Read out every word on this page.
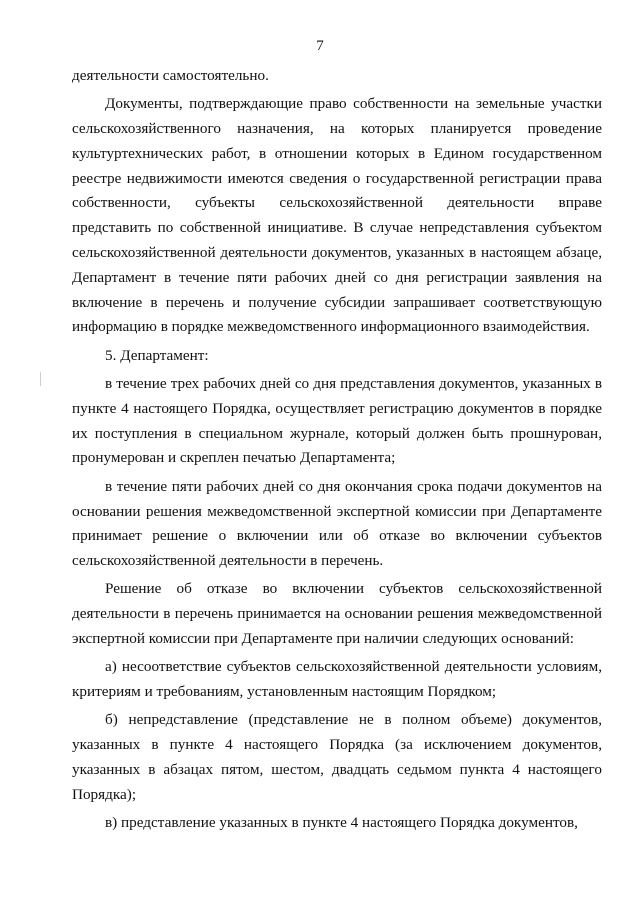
7

деятельности самостоятельно.

Документы, подтверждающие право собственности на земельные участки сельскохозяйственного назначения, на которых планируется проведение культуртехнических работ, в отношении которых в Едином государственном реестре недвижимости имеются сведения о государственной регистрации права собственности, субъекты сельскохозяйственной деятельности вправе представить по собственной инициативе. В случае непредставления субъектом сельскохозяйственной деятельности документов, указанных в настоящем абзаце, Департамент в течение пяти рабочих дней со дня регистрации заявления на включение в перечень и получение субсидии запрашивает соответствующую информацию в порядке межведомственного информационного взаимодействия.

5. Департамент:

в течение трех рабочих дней со дня представления документов, указанных в пункте 4 настоящего Порядка, осуществляет регистрацию документов в порядке их поступления в специальном журнале, который должен быть прошнурован, пронумерован и скреплен печатью Департамента;

в течение пяти рабочих дней со дня окончания срока подачи документов на основании решения межведомственной экспертной комиссии при Департаменте принимает решение о включении или об отказе во включении субъектов сельскохозяйственной деятельности в перечень.

Решение об отказе во включении субъектов сельскохозяйственной деятельности в перечень принимается на основании решения межведомственной экспертной комиссии при Департаменте при наличии следующих оснований:

а) несоответствие субъектов сельскохозяйственной деятельности условиям, критериям и требованиям, установленным настоящим Порядком;

б) непредставление (представление не в полном объеме) документов, указанных в пункте 4 настоящего Порядка (за исключением документов, указанных в абзацах пятом, шестом, двадцать седьмом пункта 4 настоящего Порядка);

в) представление указанных в пункте 4 настоящего Порядка документов,
